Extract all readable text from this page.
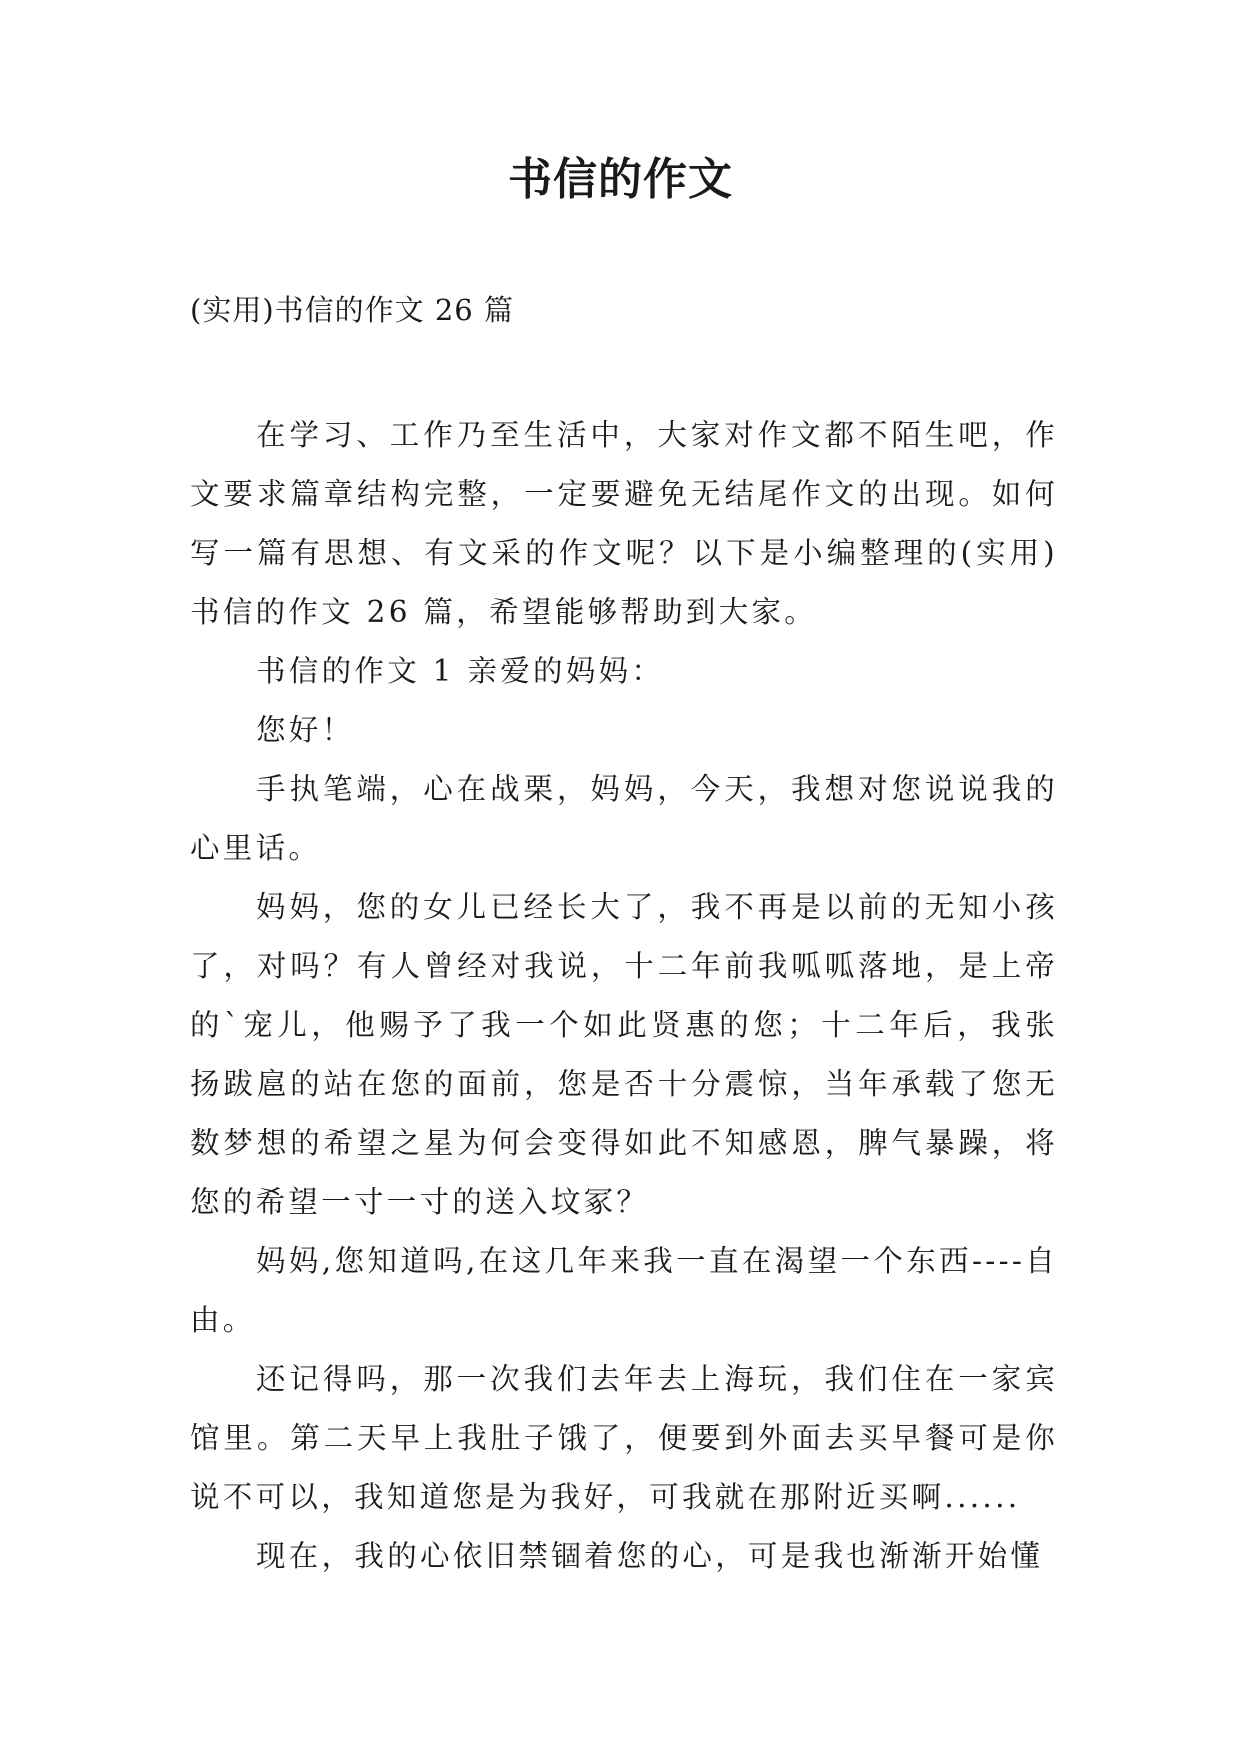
书信的作文

(实用)书信的作文 26 篇

在学习、工作乃至生活中，大家对作文都不陌生吧，作文要求篇章结构完整，一定要避免无结尾作文的出现。如何写一篇有思想、有文采的作文呢？以下是小编整理的(实用)书信的作文 26 篇，希望能够帮助到大家。

书信的作文 1 亲爱的妈妈：

您好！

手执笔端，心在战栗，妈妈，今天，我想对您说说我的心里话。

妈妈，您的女儿已经长大了，我不再是以前的无知小孩了，对吗？有人曾经对我说，十二年前我呱呱落地，是上帝的`宠儿，他赐予了我一个如此贤惠的您；十二年后，我张扬跋扈的站在您的面前，您是否十分震惊，当年承载了您无数梦想的希望之星为何会变得如此不知感恩，脾气暴躁，将您的希望一寸一寸的送入坟冢？

妈妈,您知道吗,在这几年来我一直在渴望一个东西----自由。

还记得吗，那一次我们去年去上海玩，我们住在一家宾馆里。第二天早上我肚子饿了，便要到外面去买早餐可是你说不可以，我知道您是为我好，可我就在那附近买啊......

现在，我的心依旧禁锢着您的心，可是我也渐渐开始懂
